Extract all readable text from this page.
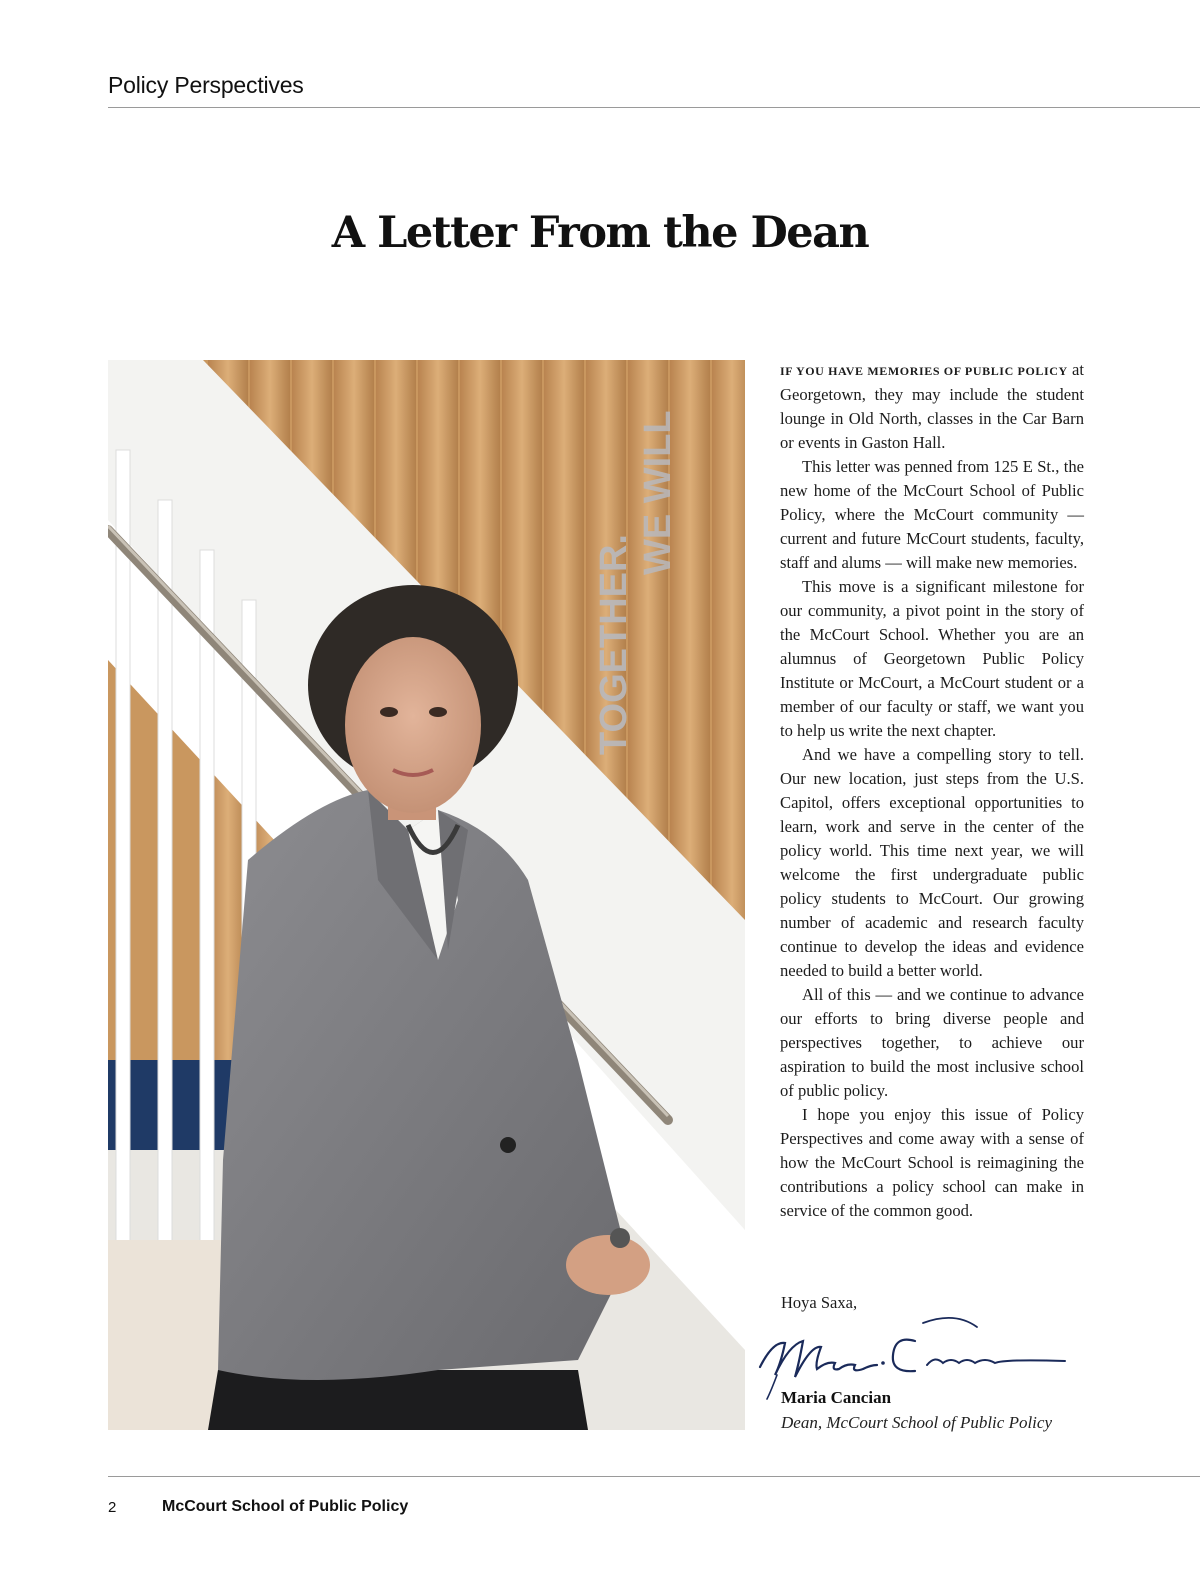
Policy Perspectives
A Letter From the Dean
TOGETHER.
WE WILL

IF YOU HAVE MEMORIES OF PUBLIC POLICY at Georgetown, they may include the student lounge in Old North, classes in the Car Barn or events in Gaston Hall.

This letter was penned from 125 E St., the new home of the McCourt School of Public Policy, where the McCourt community — current and future McCourt students, faculty, staff and alums — will make new memories.

This move is a significant milestone for our community, a pivot point in the story of the McCourt School. Whether you are an alumnus of Georgetown Public Policy Institute or McCourt, a McCourt student or a member of our faculty or staff, we want you to help us write the next chapter.

And we have a compelling story to tell. Our new location, just steps from the U.S. Capitol, offers exceptional opportunities to learn, work and serve in the center of the policy world. This time next year, we will welcome the first undergraduate public policy students to McCourt. Our growing number of academic and research faculty continue to develop the ideas and evidence needed to build a better world.

All of this — and we continue to advance our efforts to bring diverse people and perspectives together, to achieve our aspiration to build the most inclusive school of public policy.

I hope you enjoy this issue of Policy Perspectives and come away with a sense of how the McCourt School is reimagining the contributions a policy school can make in service of the common good.

Hoya Saxa,
Maria Cancian
Dean, McCourt School of Public Policy
2	McCourt School of Public Policy
